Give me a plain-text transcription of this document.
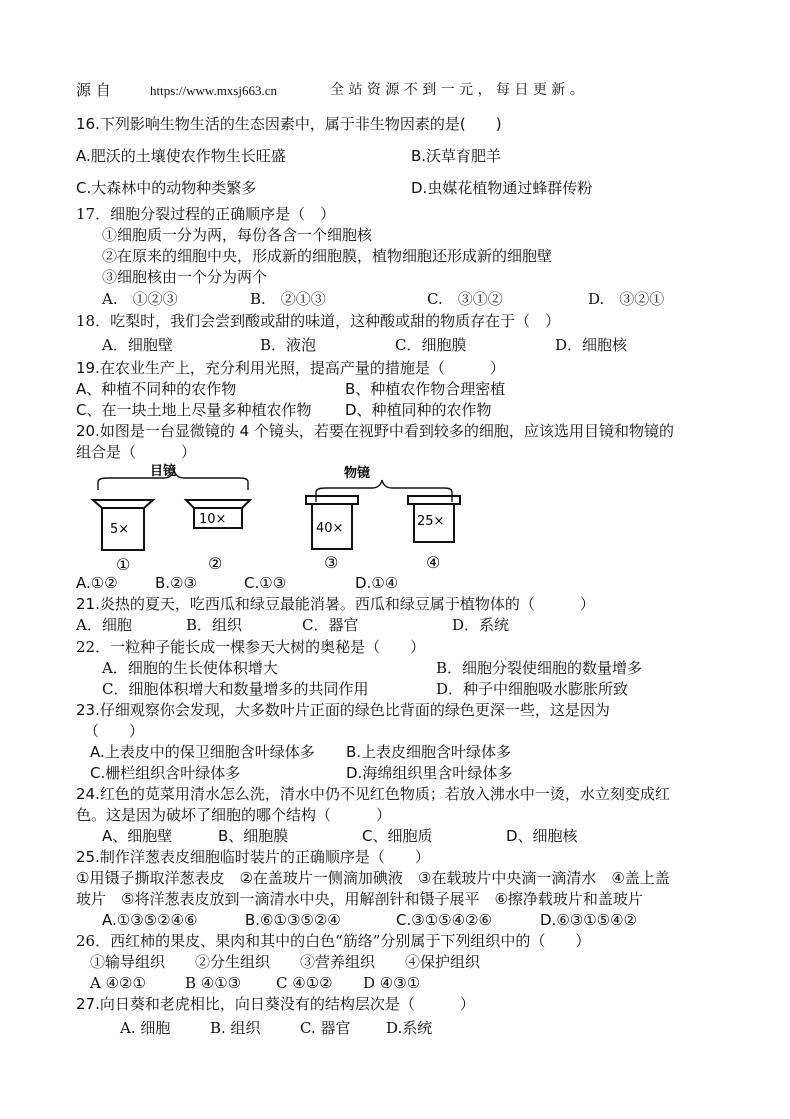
源 自	https://www.mxsj663.cn	全 站 资 源 不 到 一 元 ， 每 日 更 新 。
16.下列影响生物生活的生态因素中，属于非生物因素的是(　　)
A.肥沃的土壤使农作物生长旺盛	B.沃草育肥羊
C.大森林中的动物种类繁多	D.虫媒花植物通过蜂群传粉
17．细胞分裂过程的正确顺序是（　）
①细胞质一分为两，每份各含一个细胞核
②在原来的细胞中央，形成新的细胞膜，植物细胞还形成新的细胞壁
③细胞核由一个分为两个
A.　①②③	B.　②①③	C.　③①②	D.　③②①
18．吃梨时，我们会尝到酸或甜的味道，这种酸或甜的物质存在于（　）
A．细胞壁	B．液泡	C．细胞膜	D．细胞核
19.在农业生产上，充分利用光照，提高产量的措施是（　　　）
A、种植不同种的农作物	B、种植农作物合理密植
C、在一块土地上尽量多种植农作物 D、种植同种的农作物
20.如图是一台显微镜的 4 个镜头，若要在视野中看到较多的细胞，应该选用目镜和物镜的
组合是（　　　）
目镜	物镜
5×
10×
40×	25×
①	②	③	④
A.①② B.②③	C.①③	D.①④
21.炎热的夏天，吃西瓜和绿豆最能消暑。西瓜和绿豆属于植物体的（　　　）
A．细胞	B．组织	C．器官	D．系统
22．一粒种子能长成一棵参天大树的奥秘是（　　）
A．细胞的生长使体积增大	B．细胞分裂使细胞的数量增多
C．细胞体积增大和数量增多的共同作用	D．种子中细胞吸水膨胀所致
23.仔细观察你会发现，大多数叶片正面的绿色比背面的绿色更深一些，这是因为
（　　）
A.上表皮中的保卫细胞含叶绿体多 B.上表皮细胞含叶绿体多
C.栅栏组织含叶绿体多	D.海绵组织里含叶绿体多
24.红色的苋菜用清水怎么洗，清水中仍不见红色物质；若放入沸水中一烫，水立刻变成红
色。这是因为破坏了细胞的哪个结构（　　　）
A、细胞壁	B、细胞膜	C、细胞质	D、细胞核
25.制作洋葱表皮细胞临时装片的正确顺序是（　　）
①用镊子撕取洋葱表皮　②在盖玻片一侧滴加碘液　③在载玻片中央滴一滴清水　④盖上盖
玻片　⑤将洋葱表皮放到一滴清水中央，用解剖针和镊子展平　⑥擦净载玻片和盖玻片
A.①③⑤②④⑥	B.⑥①③⑤②④	C.③①⑤④②⑥	D.⑥③①⑤④②
26．西红柿的果皮、果肉和其中的白色“筋络”分别属于下列组织中的（　　）
①输导组织　　②分生组织　　③营养组织　　④保护组织
A ④②①	B ④①③ C ④①② D ④③①
27.向日葵和老虎相比，向日葵没有的结构层次是（　　　）
A. 细胞	B. 组织	C. 器官 D.系统
